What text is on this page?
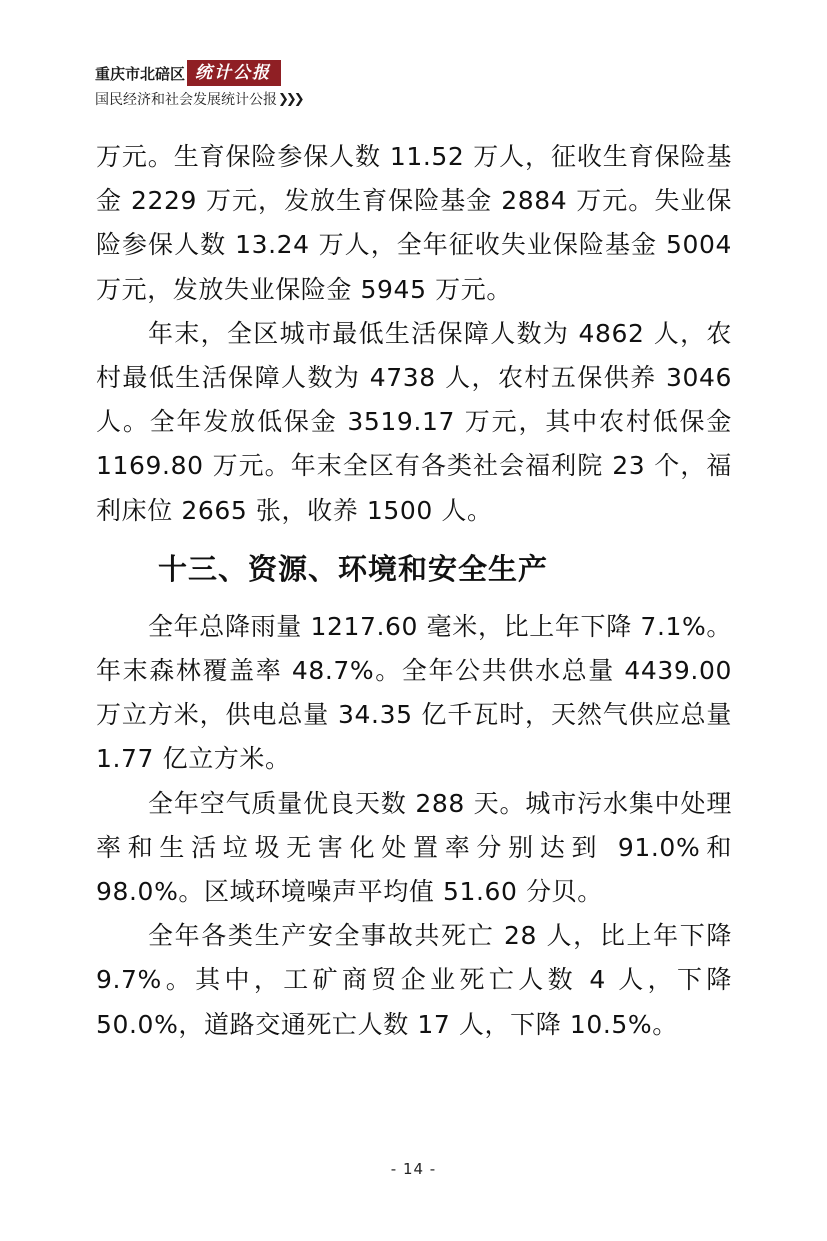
重庆市北碚区 统计公报
国民经济和社会发展统计公报 ❯❯❯

万元。生育保险参保人数 11.52 万人，征收生育保险基金 2229 万元，发放生育保险基金 2884 万元。失业保险参保人数 13.24 万人，全年征收失业保险基金 5004 万元，发放失业保险金 5945 万元。

年末，全区城市最低生活保障人数为 4862 人，农村最低生活保障人数为 4738 人，农村五保供养 3046 人。全年发放低保金 3519.17 万元，其中农村低保金 1169.80 万元。年末全区有各类社会福利院 23 个，福利床位 2665 张，收养 1500 人。

十三、资源、环境和安全生产

全年总降雨量 1217.60 毫米，比上年下降 7.1%。年末森林覆盖率 48.7%。全年公共供水总量 4439.00 万立方米，供电总量 34.35 亿千瓦时，天然气供应总量 1.77 亿立方米。

全年空气质量优良天数 288 天。城市污水集中处理率和生活垃圾无害化处置率分别达到 91.0%和 98.0%。区域环境噪声平均值 51.60 分贝。

全年各类生产安全事故共死亡 28 人，比上年下降 9.7%。其中，工矿商贸企业死亡人数 4 人，下降 50.0%，道路交通死亡人数 17 人，下降 10.5%。

- 14 -
